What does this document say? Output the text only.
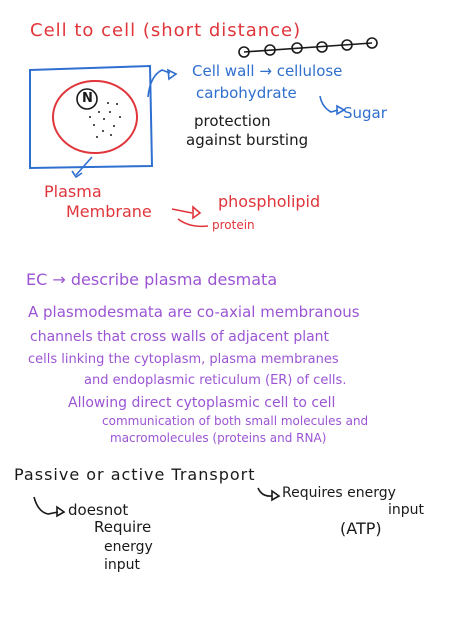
Cell to cell (short distance)
N
Cell wall → cellulose
carbohydrate
Sugar
protection
against bursting
Plasma
Membrane
phospholipid
protein
EC → describe plasma desmata
A plasmodesmata are co-axial membranous
channels that cross walls of adjacent plant
cells linking the cytoplasm, plasma membranes
and endoplasmic reticulum (ER) of cells.
Allowing direct cytoplasmic cell to cell
communication of both small molecules and
macromolecules (proteins and RNA)
Passive or active Transport
doesnot
Require
energy
input
Requires energy
input
(ATP)
